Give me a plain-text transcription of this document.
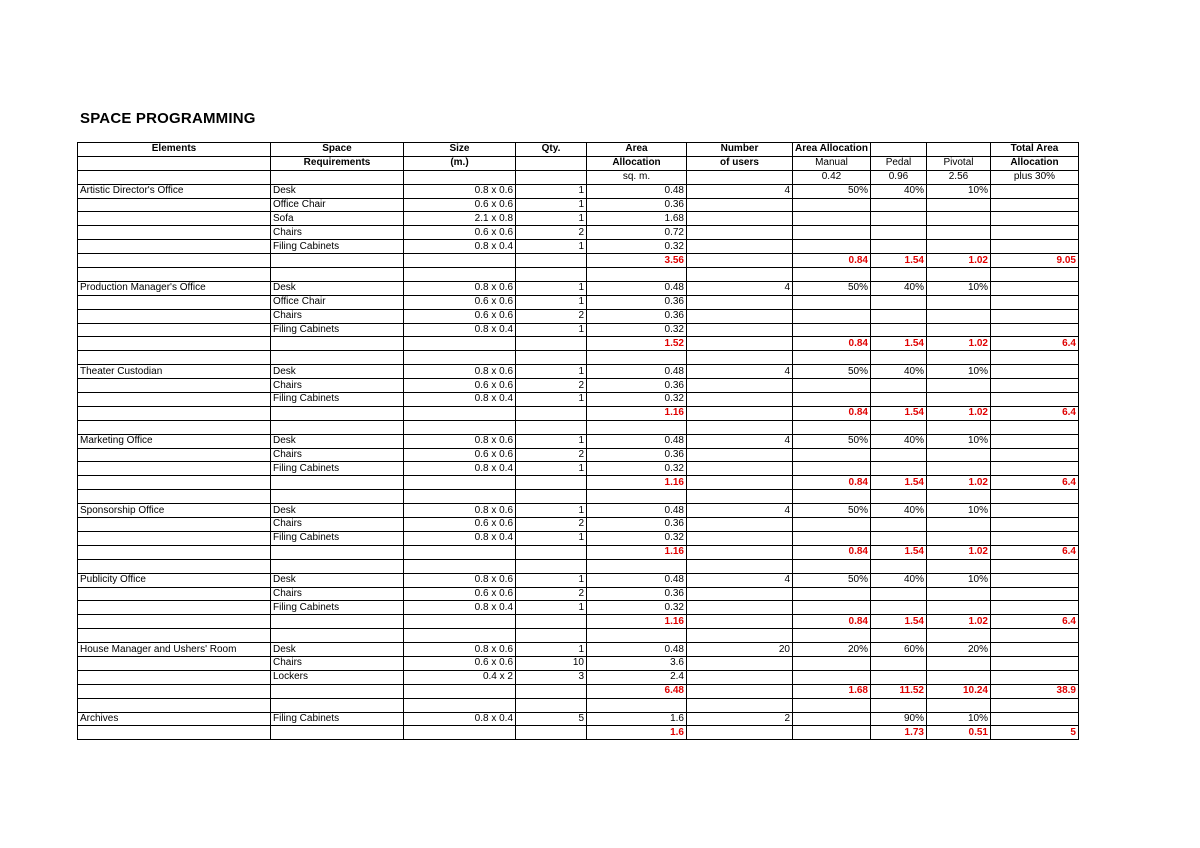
SPACE PROGRAMMING
Elements	Space	Size	Qty.	Area	Number	Area Allocation			Total Area
	Requirements	(m.)		Allocation	of users	Manual	Pedal	Pivotal	Allocation
				sq. m.		0.42	0.96	2.56	plus 30%
Artistic Director's Office	Desk	0.8 x 0.6	1	0.48	4	50%	40%	10%	
	Office Chair	0.6 x 0.6	1	0.36					
	Sofa	2.1 x 0.8	1	1.68					
	Chairs	0.6 x 0.6	2	0.72					
	Filing Cabinets	0.8 x 0.4	1	0.32					
				3.56		0.84	1.54	1.02	9.05

Production Manager's Office	Desk	0.8 x 0.6	1	0.48	4	50%	40%	10%	
	Office Chair	0.6 x 0.6	1	0.36					
	Chairs	0.6 x 0.6	2	0.36					
	Filing Cabinets	0.8 x 0.4	1	0.32					
				1.52		0.84	1.54	1.02	6.4

Theater Custodian	Desk	0.8 x 0.6	1	0.48	4	50%	40%	10%	
	Chairs	0.6 x 0.6	2	0.36					
	Filing Cabinets	0.8 x 0.4	1	0.32					
				1.16		0.84	1.54	1.02	6.4

Marketing Office	Desk	0.8 x 0.6	1	0.48	4	50%	40%	10%	
	Chairs	0.6 x 0.6	2	0.36					
	Filing Cabinets	0.8 x 0.4	1	0.32					
				1.16		0.84	1.54	1.02	6.4

Sponsorship Office	Desk	0.8 x 0.6	1	0.48	4	50%	40%	10%	
	Chairs	0.6 x 0.6	2	0.36					
	Filing Cabinets	0.8 x 0.4	1	0.32					
				1.16		0.84	1.54	1.02	6.4

Publicity Office	Desk	0.8 x 0.6	1	0.48	4	50%	40%	10%	
	Chairs	0.6 x 0.6	2	0.36					
	Filing Cabinets	0.8 x 0.4	1	0.32					
				1.16		0.84	1.54	1.02	6.4

House Manager and Ushers' Room	Desk	0.8 x 0.6	1	0.48	20	20%	60%	20%	
	Chairs	0.6 x 0.6	10	3.6					
	Lockers	0.4 x 2	3	2.4					
				6.48		1.68	11.52	10.24	38.9

Archives	Filing Cabinets	0.8 x 0.4	5	1.6	2		90%	10%	
				1.6			1.73	0.51	5
